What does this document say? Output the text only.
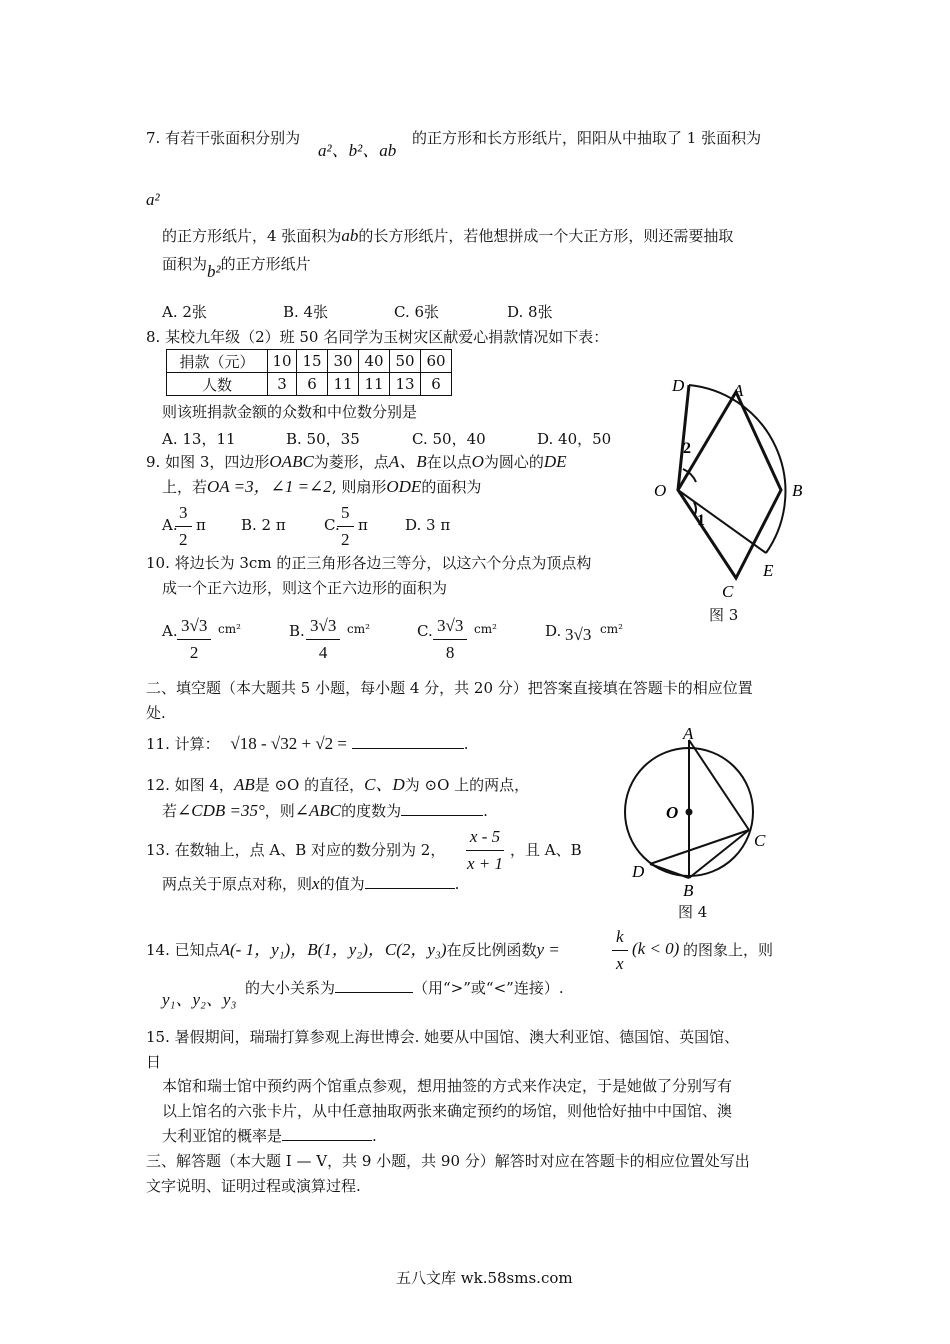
7. 有若干张面积分别为
a²、b²、ab
的正方形和长方形纸片，阳阳从中抽取了 1 张面积为
a²
的正方形纸片，4 张面积为ab的长方形纸片，若他想拼成一个大正方形，则还需要抽取
面积为b²的正方形纸片
A. 2张	B. 4张	C. 6张	D. 8张
8. 某校九年级（2）班 50 名同学为玉树灾区献爱心捐款情况如下表：
捐款（元）	10	15	30	40	50	60
人数	3	6	11	11	13	6
则该班捐款金额的众数和中位数分别是
A. 13，11	B. 50，35	C. 50，40	D. 40，50
9. 如图 3，四边形OABC为菱形，点A、B在以点O为圆心的DE
上，若OA =3，∠1 =∠2, 则扇形ODE的面积为
A.
$\frac{3}{2}$ π B. 2 π	C.
$\frac{5}{2}$ π D. 3 π
10. 将边长为 3cm 的正三角形各边三等分，以这六个分点为顶点构
成一个正六边形，则这个正六边形的面积为
A. $\frac{3√3}{2} cm^2$	B. $\frac{3√3}{4} cm^2$	C. $\frac{3√3}{8} cm^2$	D. 3√3 cm²
D	A
O	B
E
C
2
1
图 3
二、填空题（本大题共 5 小题，每小题 4 分，共 20 分）把答案直接填在答题卡的相应位置
处.
11. 计算： √18 - √32 + √2 =	.
12. 如图 4，AB是 ⊙O 的直径，C、D为 ⊙O 上的两点，
若∠CDB =35°，则∠ABC的度数为	.
13. 在数轴上，点 A、B 对应的数分别为 2， $\frac{x - 5}{x + 1}$ ，且 A、B
两点关于原点对称，则x的值为	.
A
O
C
D
B
图 4
14. 已知点A(- 1，y₁)，B(1，y₂)，C(2，y₃)在反比例函数y =	$\frac{k}{x} (k < 0)$ 的图象上，则
y₁、y₂、y₃
的大小关系为	（用“>”或“<”连接）.
15. 暑假期间，瑞瑞打算参观上海世博会. 她要从中国馆、澳大利亚馆、德国馆、英国馆、
日
本馆和瑞士馆中预约两个馆重点参观，想用抽签的方式来作决定，于是她做了分别写有
以上馆名的六张卡片，从中任意抽取两张来确定预约的场馆，则他恰好抽中中国馆、澳
大利亚馆的概率是	.
三、解答题（本大题 Ⅰ — Ⅴ，共 9 小题，共 90 分）解答时对应在答题卡的相应位置处写出
文字说明、证明过程或演算过程.
五八文库 wk.58sms.com
